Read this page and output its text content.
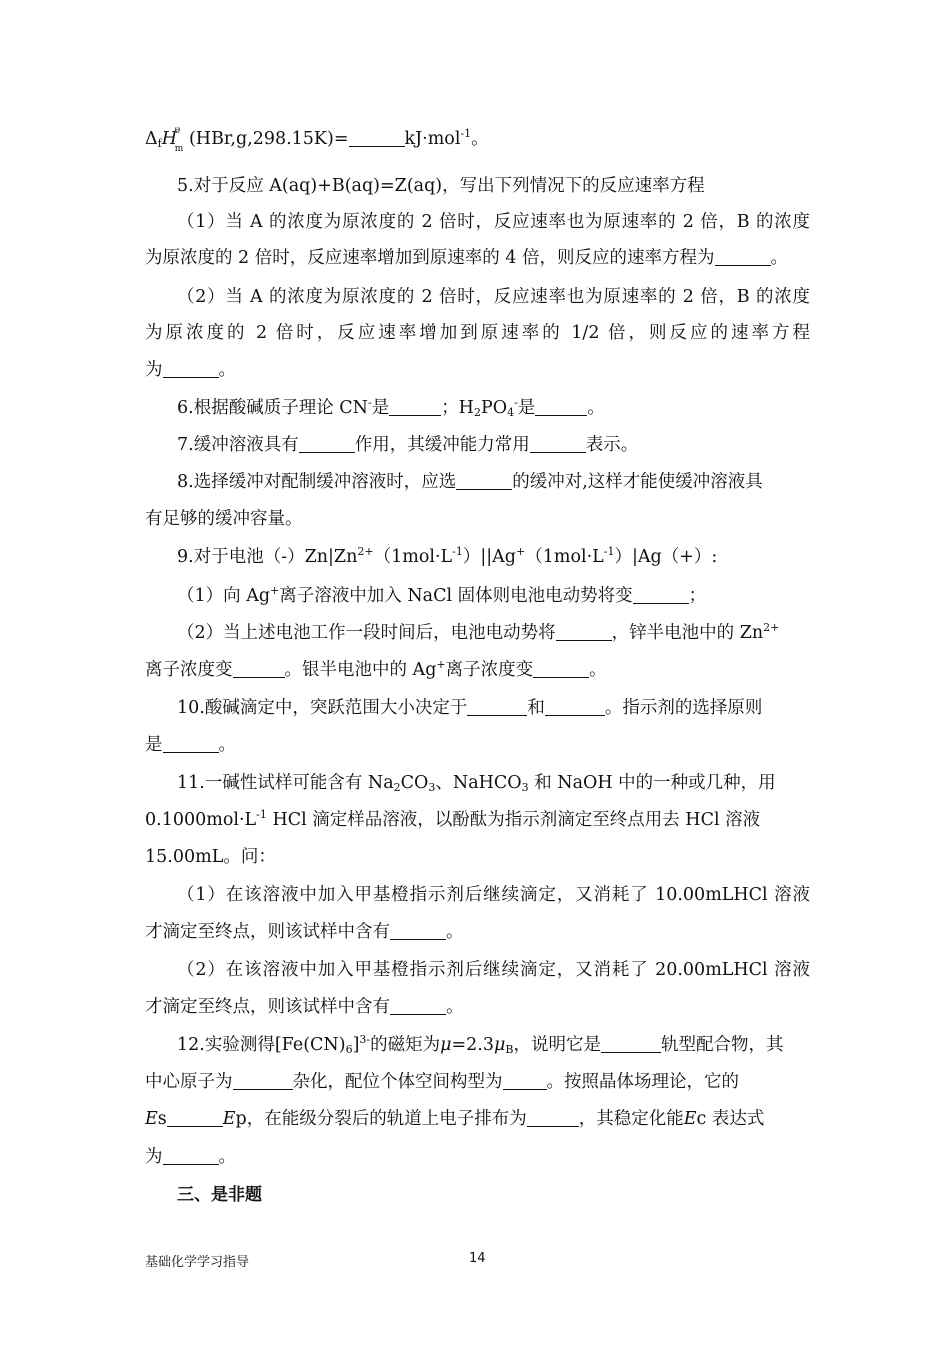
$\Delta_fH$
θ
m (HBr,g,298.15K)=	kJ·mol$^{-1}$。
5.对于反应 A(aq)+B(aq)=Z(aq)，写出下列情况下的反应速率方程
（1）当 A 的浓度为原浓度的 2 倍时，反应速率也为原速率的 2 倍，B 的浓度
为原浓度的 2 倍时，反应速率增加到原速率的 4 倍，则反应的速率方程为	。
（2）当 A 的浓度为原浓度的 2 倍时，反应速率也为原速率的 2 倍，B 的浓度
为原浓度的 2 倍时，反应速率增加到原速率的 1/2 倍，则反应的速率方程
为	。
6.根据酸碱质子理论 CN-是	；$H_2PO_4^-$是	。
7.缓冲溶液具有	作用，其缓冲能力常用	表示。
8.选择缓冲对配制缓冲溶液时，应选	的缓冲对,这样才能使缓冲溶液具
有足够的缓冲容量。
9.对于电池$(-)Zn|Zn^{2+}(1mol\cdot L^{-1})||Ag^+(1mol\cdot L^{-1})|Ag(+)$:
（1）向 Ag+离子溶液中加入 NaCl 固体则电池电动势将变	；
（2）当上述电池工作一段时间后，电池电动势将	，锌半电池中的 $Zn^{2+}$
离子浓度变	。银半电池中的 Ag+离子浓度变	。
10.酸碱滴定中，突跃范围大小决定于	和	。指示剂的选择原则
是	。
11.一碱性试样可能含有 $Na_2CO_3$、NaHCO$_3$ 和 NaOH 中的一种或几种，用
$0.1000mol\cdot L^{-1}$ HCl 滴定样品溶液，以酚酞为指示剂滴定至终点用去 HCl 溶液
15.00mL。问：
（1）在该溶液中加入甲基橙指示剂后继续滴定，又消耗了 10.00mLHCl 溶液
才滴定至终点，则该试样中含有	。
（2）在该溶液中加入甲基橙指示剂后继续滴定，又消耗了 20.00mLHCl 溶液
才滴定至终点，则该试样中含有	。
12.实验测得$[Fe(CN)_6]^{3-}$的磁矩为$\mu=2.3\mu_B$，说明它是	轨型配合物，其
中心原子为	杂化，配位个体空间构型为	。按照晶体场理论，它的
Es	Ep，在能级分裂后的轨道上电子排布为	，其稳定化能Ec 表达式
为	。
三、是非题
基础化学学习指导	14
